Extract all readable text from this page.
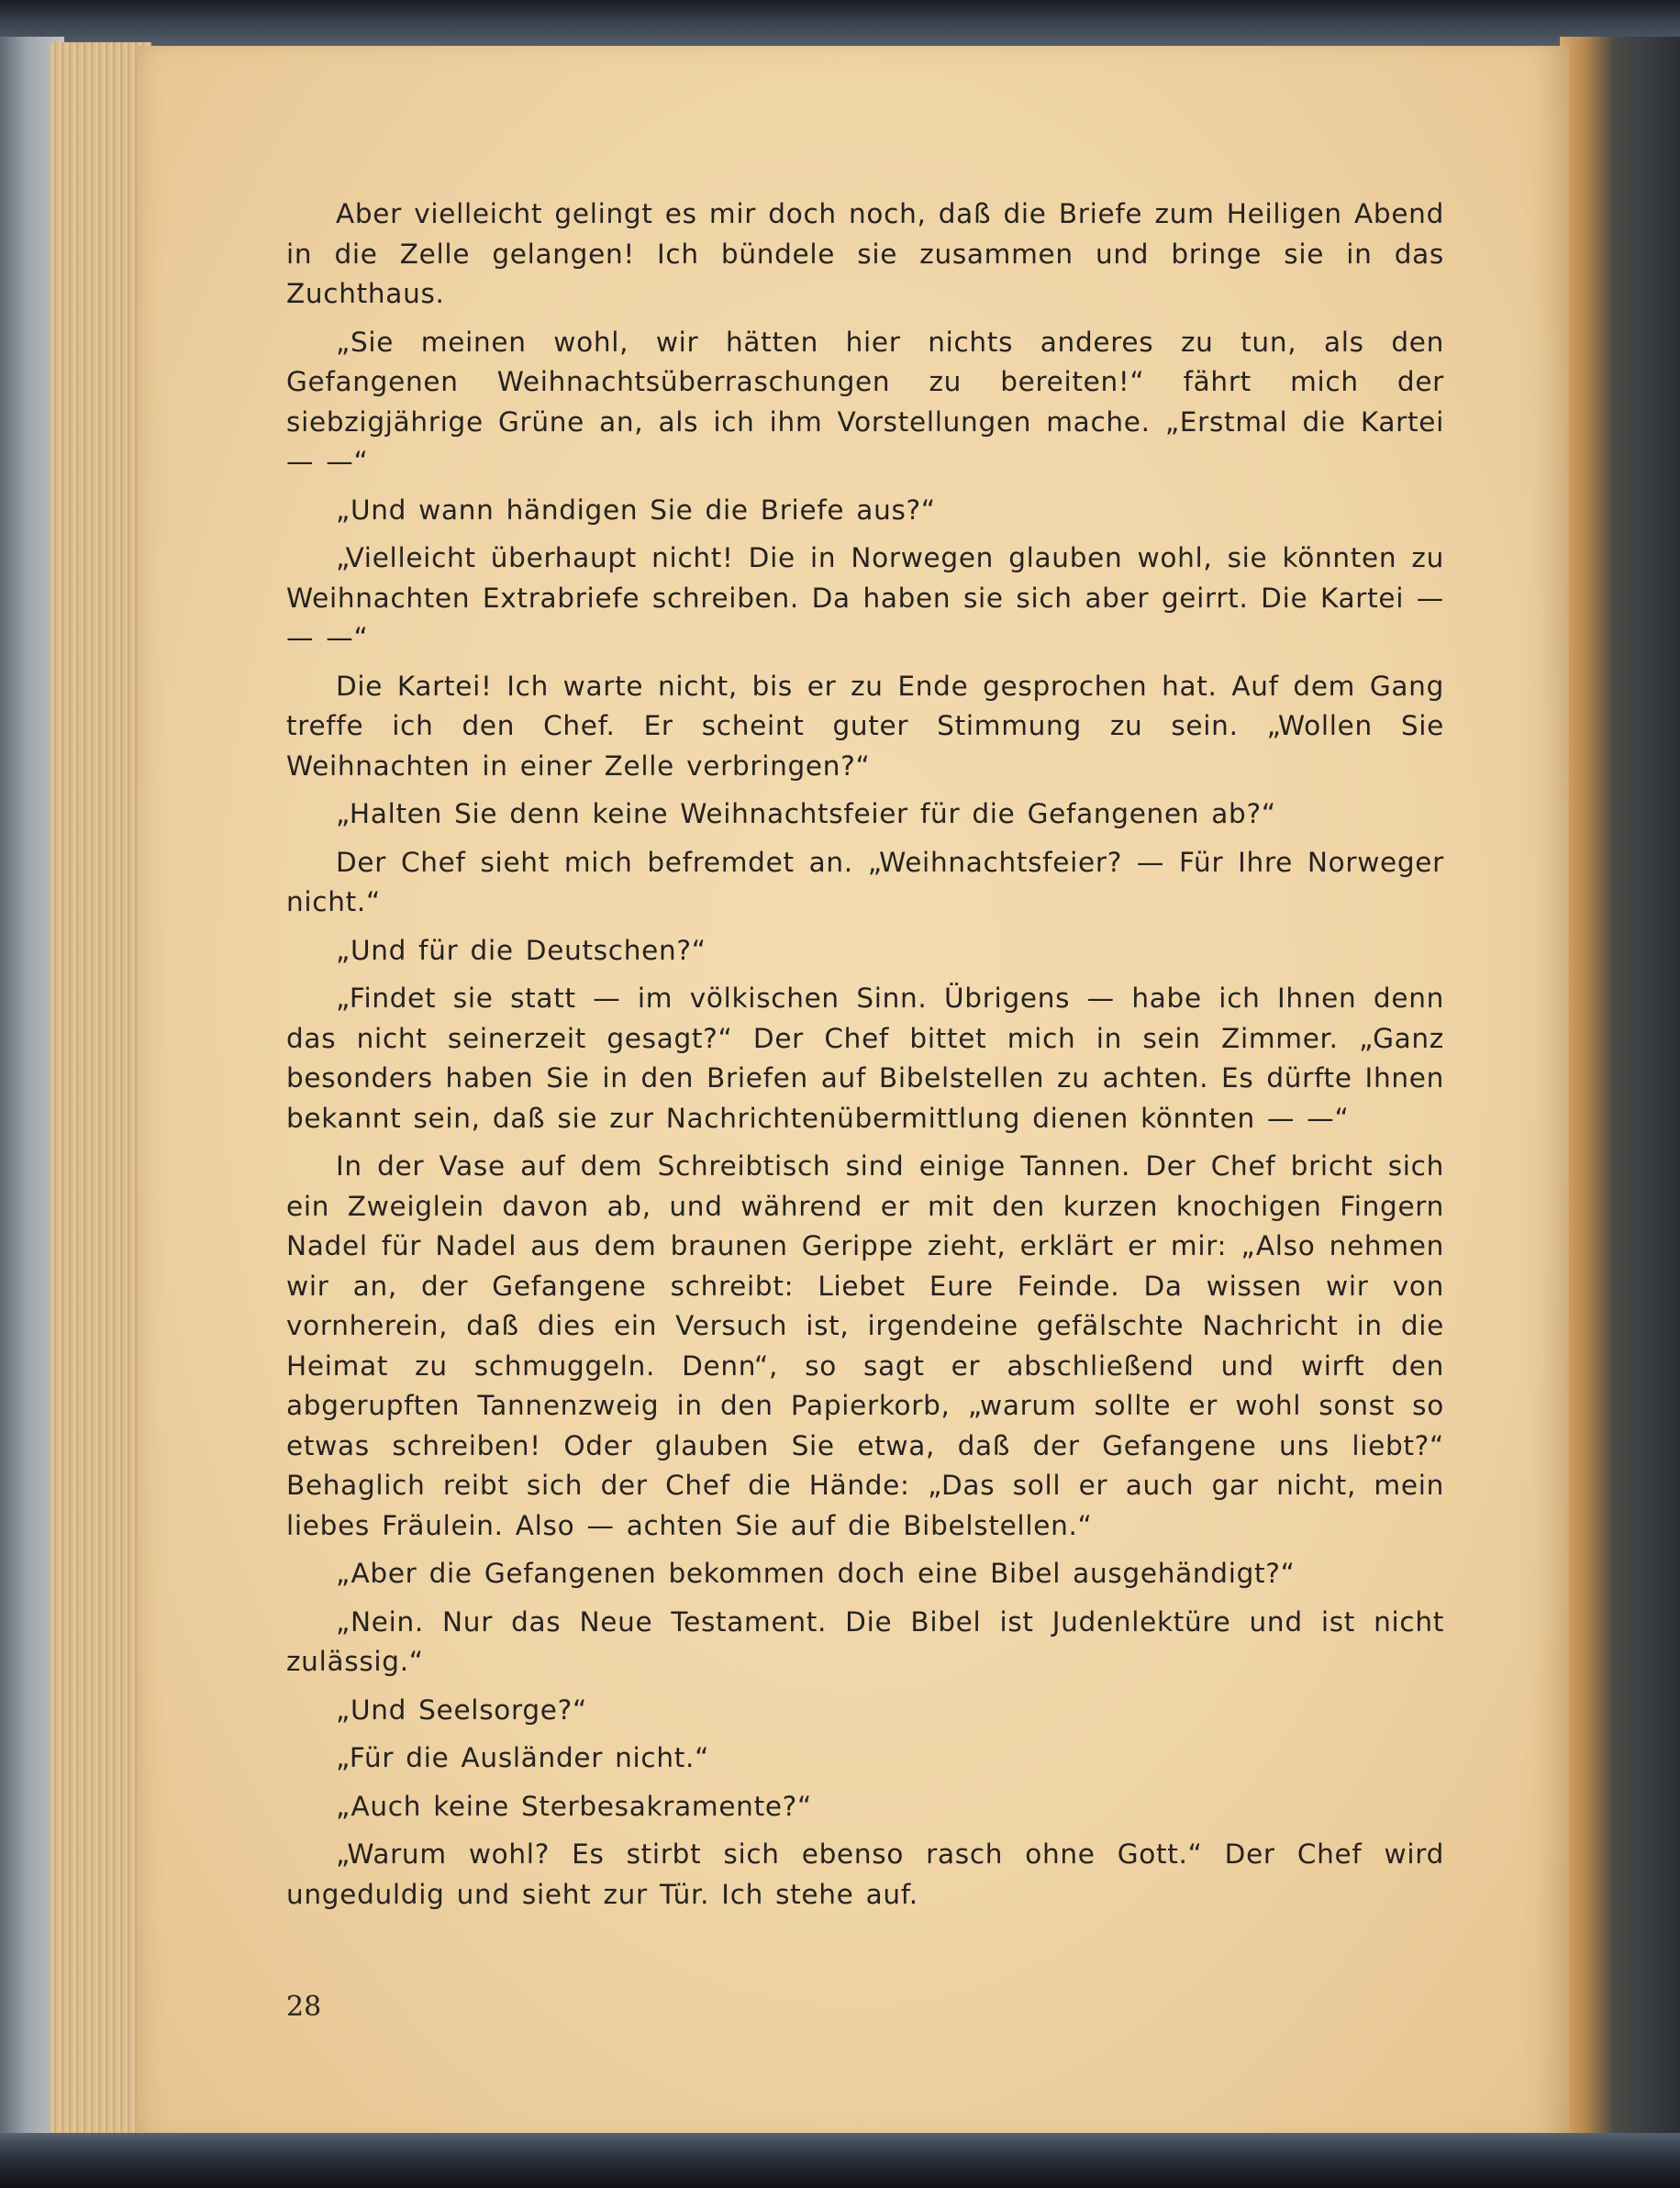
Aber vielleicht gelingt es mir doch noch, daß die Briefe zum Heiligen Abend in die Zelle gelangen! Ich bündele sie zusammen und bringe sie in das Zuchthaus.

„Sie meinen wohl, wir hätten hier nichts anderes zu tun, als den Gefangenen Weihnachtsüberraschungen zu bereiten!“ fährt mich der siebzigjährige Grüne an, als ich ihm Vorstellungen mache. „Erstmal die Kartei — —“

„Und wann händigen Sie die Briefe aus?“

„Vielleicht überhaupt nicht! Die in Norwegen glauben wohl, sie könnten zu Weihnachten Extrabriefe schreiben. Da haben sie sich aber geirrt. Die Kartei — — —“

Die Kartei! Ich warte nicht, bis er zu Ende gesprochen hat. Auf dem Gang treffe ich den Chef. Er scheint guter Stimmung zu sein. „Wollen Sie Weihnachten in einer Zelle verbringen?“

„Halten Sie denn keine Weihnachtsfeier für die Gefangenen ab?“

Der Chef sieht mich befremdet an. „Weihnachtsfeier? — Für Ihre Norweger nicht.“

„Und für die Deutschen?“

„Findet sie statt — im völkischen Sinn. Übrigens — habe ich Ihnen denn das nicht seinerzeit gesagt?“ Der Chef bittet mich in sein Zimmer. „Ganz besonders haben Sie in den Briefen auf Bibelstellen zu achten. Es dürfte Ihnen bekannt sein, daß sie zur Nachrichtenübermittlung dienen könnten — —“

In der Vase auf dem Schreibtisch sind einige Tannen. Der Chef bricht sich ein Zweiglein davon ab, und während er mit den kurzen knochigen Fingern Nadel für Nadel aus dem braunen Gerippe zieht, erklärt er mir: „Also nehmen wir an, der Gefangene schreibt: Liebet Eure Feinde. Da wissen wir von vornherein, daß dies ein Versuch ist, irgendeine gefälschte Nachricht in die Heimat zu schmuggeln. Denn“, so sagt er abschließend und wirft den abgerupften Tannenzweig in den Papierkorb, „warum sollte er wohl sonst so etwas schreiben! Oder glauben Sie etwa, daß der Gefangene uns liebt?“ Behaglich reibt sich der Chef die Hände: „Das soll er auch gar nicht, mein liebes Fräulein. Also — achten Sie auf die Bibelstellen.“

„Aber die Gefangenen bekommen doch eine Bibel ausgehändigt?“

„Nein. Nur das Neue Testament. Die Bibel ist Judenlektüre und ist nicht zulässig.“

„Und Seelsorge?“

„Für die Ausländer nicht.“

„Auch keine Sterbesakramente?“

„Warum wohl? Es stirbt sich ebenso rasch ohne Gott.“ Der Chef wird ungeduldig und sieht zur Tür. Ich stehe auf.

28
